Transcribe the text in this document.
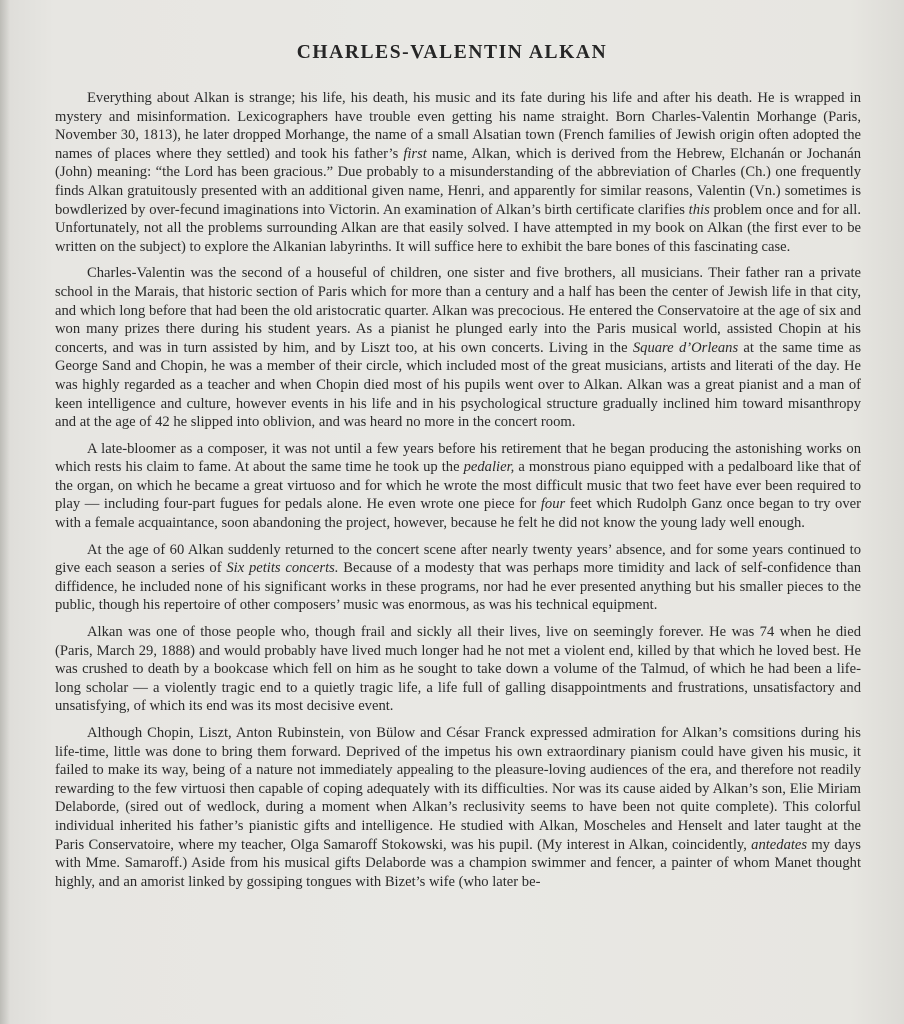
CHARLES-VALENTIN ALKAN

Everything about Alkan is strange; his life, his death, his music and its fate during his life and after his death. He is wrapped in mystery and misinformation. Lexicographers have trouble even getting his name straight. Born Charles-Valentin Morhange (Paris, November 30, 1813), he later dropped Morhange, the name of a small Alsatian town (French families of Jewish origin often adopted the names of places where they settled) and took his father’s first name, Alkan, which is derived from the Hebrew, Elchanán or Jochanán (John) meaning: “the Lord has been gracious.” Due probably to a misunderstanding of the abbreviation of Charles (Ch.) one frequently finds Alkan gratuitously presented with an additional given name, Henri, and apparently for similar reasons, Valentin (Vn.) sometimes is bowdlerized by over-fecund imaginations into Victorin. An examination of Alkan’s birth certificate clarifies this problem once and for all. Unfortunately, not all the problems surrounding Alkan are that easily solved. I have attempted in my book on Alkan (the first ever to be written on the subject) to explore the Alkanian labyrinths. It will suffice here to exhibit the bare bones of this fascinating case.

Charles-Valentin was the second of a houseful of children, one sister and five brothers, all musicians. Their father ran a private school in the Marais, that historic section of Paris which for more than a century and a half has been the center of Jewish life in that city, and which long before that had been the old aristocratic quarter. Alkan was precocious. He entered the Conservatoire at the age of six and won many prizes there during his student years. As a pianist he plunged early into the Paris musical world, assisted Chopin at his concerts, and was in turn assisted by him, and by Liszt too, at his own concerts. Living in the Square d’Orleans at the same time as George Sand and Chopin, he was a member of their circle, which included most of the great musicians, artists and literati of the day. He was highly regarded as a teacher and when Chopin died most of his pupils went over to Alkan. Alkan was a great pianist and a man of keen intelligence and culture, however events in his life and in his psychological structure gradually inclined him toward misanthropy and at the age of 42 he slipped into oblivion, and was heard no more in the concert room.

A late-bloomer as a composer, it was not until a few years before his retirement that he began producing the astonishing works on which rests his claim to fame. At about the same time he took up the pedalier, a monstrous piano equipped with a pedalboard like that of the organ, on which he became a great virtuoso and for which he wrote the most difficult music that two feet have ever been required to play — including four-part fugues for pedals alone. He even wrote one piece for four feet which Rudolph Ganz once began to try over with a female acquaintance, soon abandoning the project, however, because he felt he did not know the young lady well enough.

At the age of 60 Alkan suddenly returned to the concert scene after nearly twenty years’ absence, and for some years continued to give each season a series of Six petits concerts. Because of a modesty that was perhaps more timidity and lack of self-confidence than diffidence, he included none of his significant works in these programs, nor had he ever presented anything but his smaller pieces to the public, though his repertoire of other composers’ music was enormous, as was his technical equipment.

Alkan was one of those people who, though frail and sickly all their lives, live on seemingly forever. He was 74 when he died (Paris, March 29, 1888) and would probably have lived much longer had he not met a violent end, killed by that which he loved best. He was crushed to death by a bookcase which fell on him as he sought to take down a volume of the Talmud, of which he had been a life-long scholar — a violently tragic end to a quietly tragic life, a life full of galling disappointments and frustrations, unsatisfactory and unsatisfying, of which its end was its most decisive event.

Although Chopin, Liszt, Anton Rubinstein, von Bülow and César Franck expressed admiration for Alkan’s comsitions during his life-time, little was done to bring them forward. Deprived of the impetus his own extraordinary pianism could have given his music, it failed to make its way, being of a nature not immediately appealing to the pleasure-loving audiences of the era, and therefore not readily rewarding to the few virtuosi then capable of coping adequately with its difficulties. Nor was its cause aided by Alkan’s son, Elie Miriam Delaborde, (sired out of wedlock, during a moment when Alkan’s reclusivity seems to have been not quite complete). This colorful individual inherited his father’s pianistic gifts and intelligence. He studied with Alkan, Moscheles and Henselt and later taught at the Paris Conservatoire, where my teacher, Olga Samaroff Stokowski, was his pupil. (My interest in Alkan, coincidently, antedates my days with Mme. Samaroff.) Aside from his musical gifts Delaborde was a champion swimmer and fencer, a painter of whom Manet thought highly, and an amorist linked by gossiping tongues with Bizet’s wife (who later be-
